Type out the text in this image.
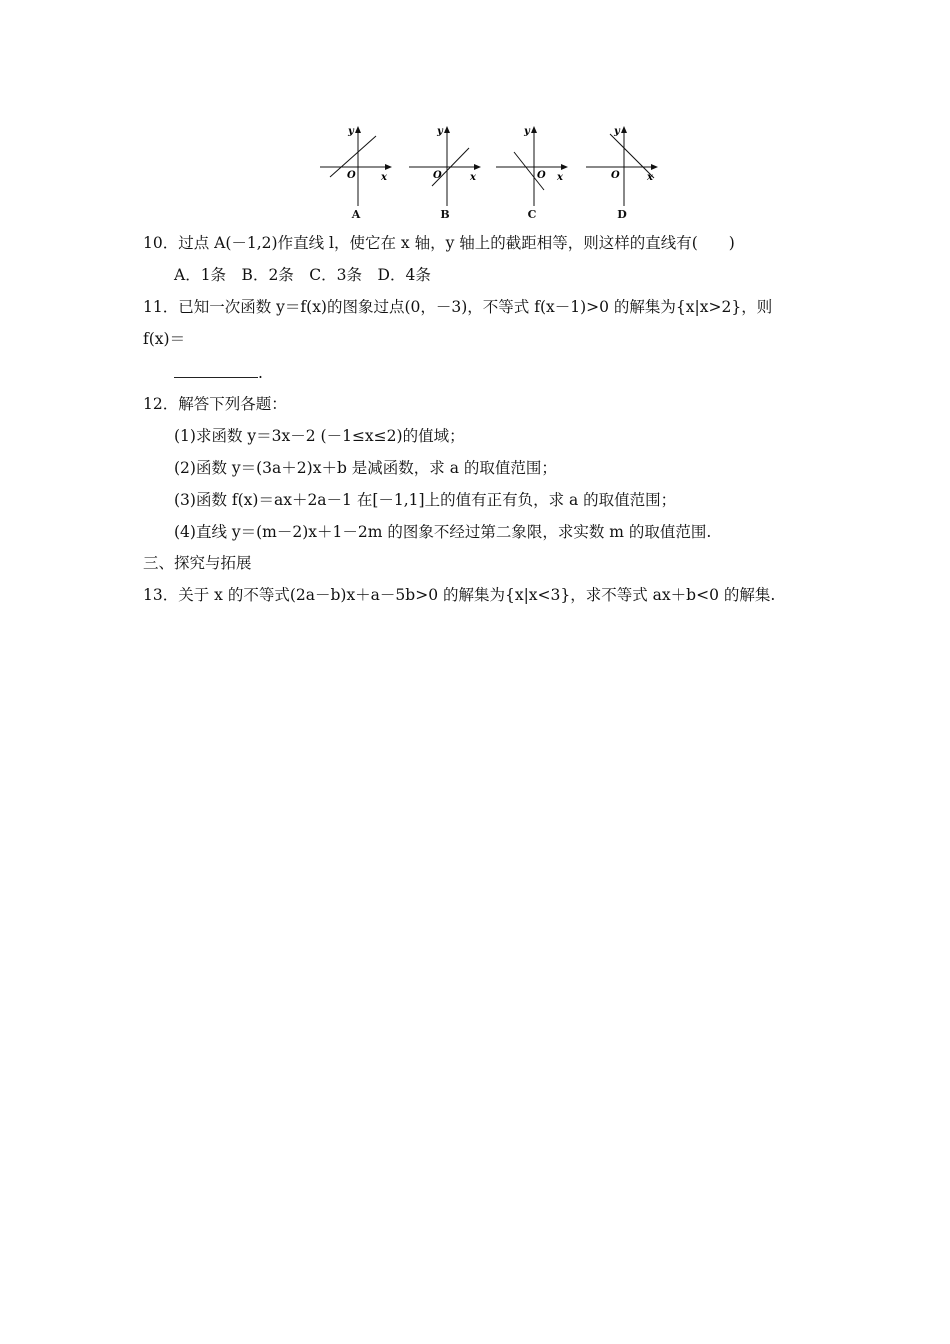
y
x
O
A
y
x
O
B
y
x
O
C
y
x
O
D
10．过点 A(－1,2)作直线 l，使它在 x 轴，y 轴上的截距相等，则这样的直线有(　　)
A．1条　B．2条　C．3条　D．4条
11．已知一次函数 y＝f(x)的图象过点(0，－3)，不等式 f(x－1)>0 的解集为{x|x>2}，则
f(x)＝
.
12．解答下列各题：
(1)求函数 y＝3x－2 (－1≤x≤2)的值域；
(2)函数 y＝(3a＋2)x＋b 是减函数，求 a 的取值范围；
(3)函数 f(x)＝ax＋2a－1 在[－1,1]上的值有正有负，求 a 的取值范围；
(4)直线 y＝(m－2)x＋1－2m 的图象不经过第二象限，求实数 m 的取值范围.
三、探究与拓展
13．关于 x 的不等式(2a－b)x＋a－5b>0 的解集为{x|x<3}，求不等式 ax＋b<0 的解集.
